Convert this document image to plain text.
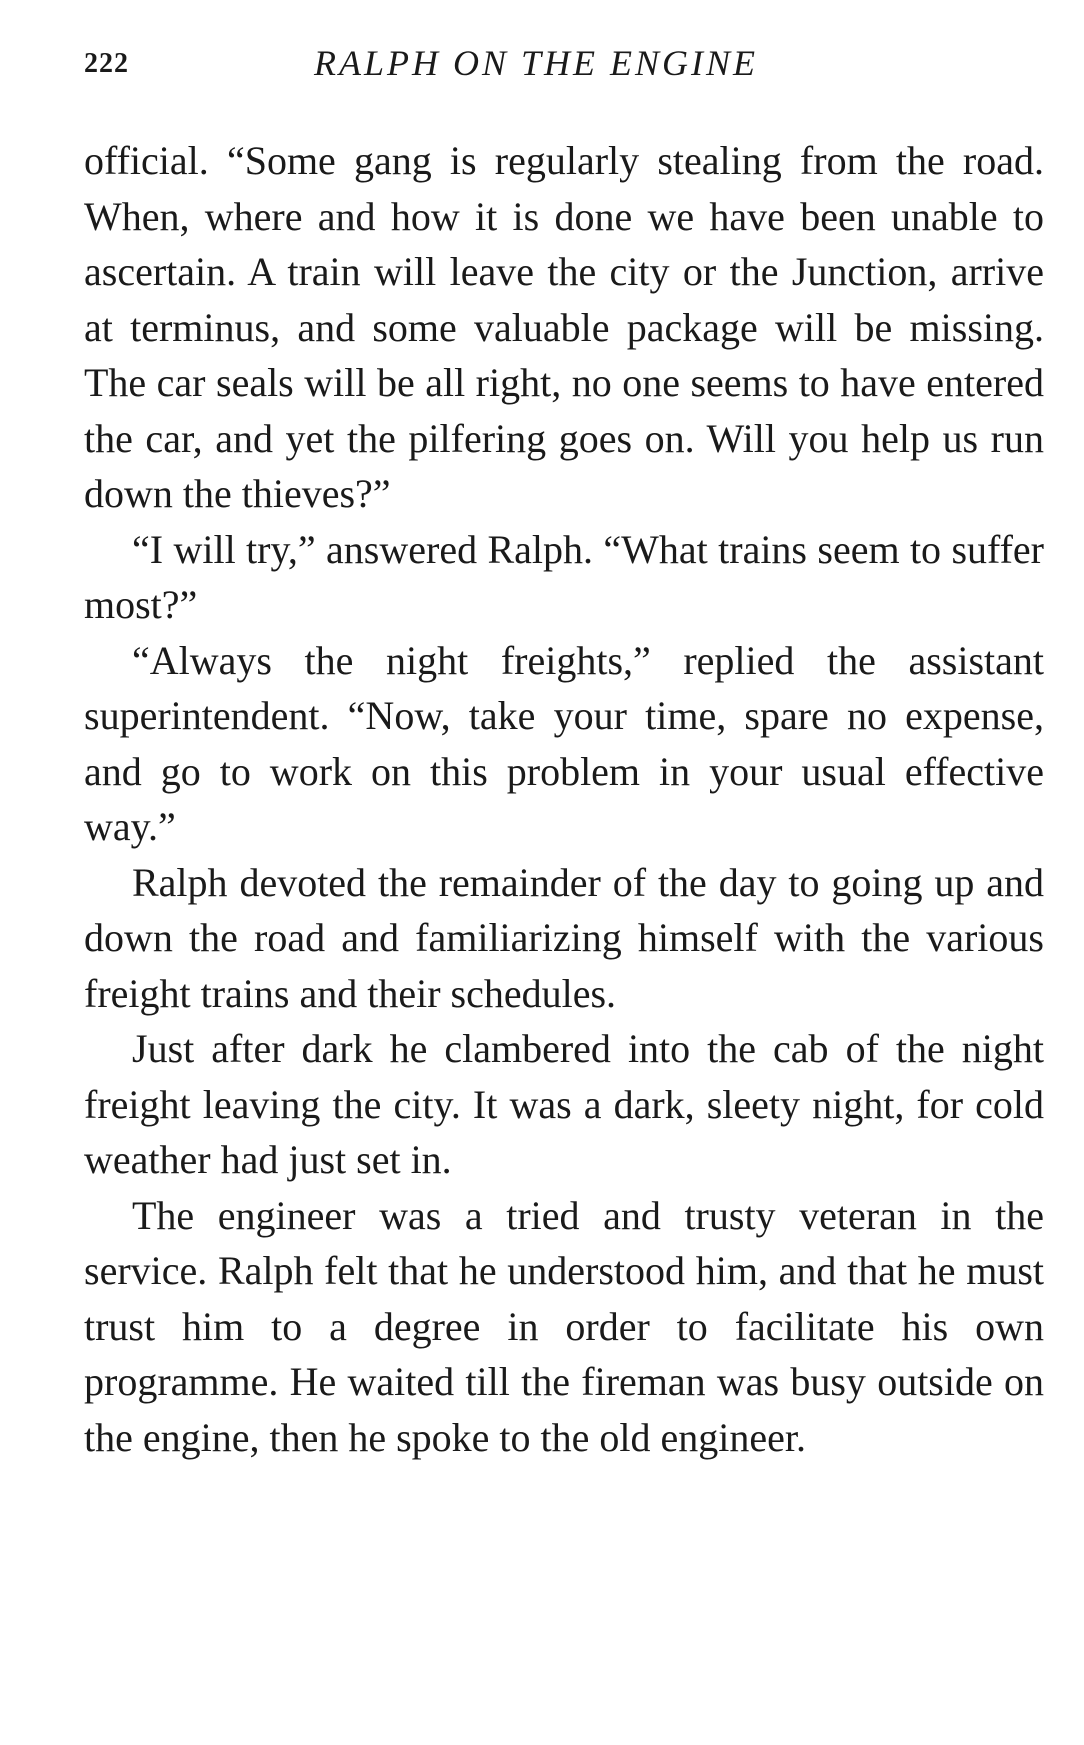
222	RALPH ON THE ENGINE

official. “Some gang is regularly stealing from the road. When, where and how it is done we have been unable to ascertain. A train will leave the city or the Junction, arrive at terminus, and some valuable package will be missing. The car seals will be all right, no one seems to have entered the car, and yet the pilfering goes on. Will you help us run down the thieves?”

“I will try,” answered Ralph. “What trains seem to suffer most?”

“Always the night freights,” replied the assistant superintendent. “Now, take your time, spare no expense, and go to work on this problem in your usual effective way.”

Ralph devoted the remainder of the day to going up and down the road and familiarizing himself with the various freight trains and their schedules.

Just after dark he clambered into the cab of the night freight leaving the city. It was a dark, sleety night, for cold weather had just set in.

The engineer was a tried and trusty veteran in the service. Ralph felt that he understood him, and that he must trust him to a degree in order to facilitate his own programme. He waited till the fireman was busy outside on the engine, then he spoke to the old engineer.
